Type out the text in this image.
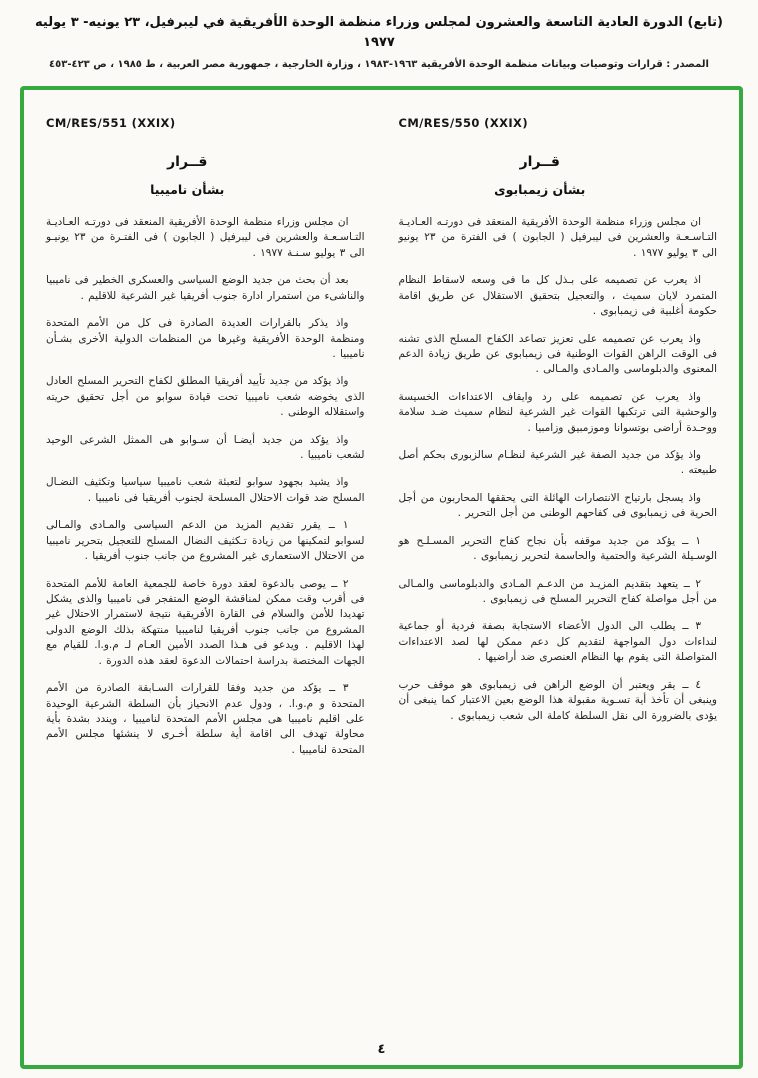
(تابع) الدورة العادية التاسعة والعشرون لمجلس وزراء منظمة الوحدة الأفريقية في ليبرفيل، ٢٣ يونيه- ٣ يوليه ١٩٧٧
المصدر : قرارات وتوصيات وبيانات منظمة الوحدة الأفريقية ١٩٦٣-١٩٨٣ ، وزارة الخارجية ، جمهورية مصر العربية ، ط ١٩٨٥ ، ص ٤٢٣-٤٥٣
CM/RES/550 (XXIX)
قــرار
بشأن زيمبابوى

ان مجلس وزراء منظمة الوحدة الأفريقية المنعقد فى دورتـه العـاديـة التـاسـعـة والعشرين فى ليبرفيل ( الجابون ) فى الفترة من ٢٣ يونيو الى ٣ يوليو ١٩٧٧ .

اذ يعرب عن تصميمه على بـذل كل ما فى وسعه لاسقاط النظام المتمرد لايان سميث ، والتعجيل بتحقيق الاستقلال عن طريق اقامة حكومة أغلبية فى زيمبابوى .

واذ يعرب عن تصميمه على تعزيز تصاعد الكفاح المسلح الذى تشنه فى الوقت الراهن القوات الوطنية فى زيمبابوى عن طريق زيادة الدعم المعنوى والدبلوماسى والمـادى والمـالى .

واذ يعرب عن تصميمه على رد وايقاف الاعتداءات الخسيسة والوحشية التى ترتكبها القوات غير الشرعية لنظام سميث ضـد سلامة ووحـدة أراضى بوتسوانا وموزمبيق وزامبيا .

واذ يؤكد من جديد الصفة غير الشرعية لنظـام سالزبورى بحكم أصل طبيعته .

واذ يسجل بارتياح الانتصارات الهائلة التى يحققها المحاربون من أجل الحرية فى زيمبابوى فى كفاحهم الوطنى من أجل التحرير .

١ ــ يؤكد من جديد موقفه بأن نجاح كفاح التحرير المسـلـح هو الوسـيلة الشرعية والحتمية والحاسمة لتحرير زيمبابوى .

٢ ــ يتعهد بتقديم المزيـد من الدعـم المـادى والدبلوماسى والمـالى من أجل مواصلة كفاح التحرير المسلح فى زيمبابوى .

٣ ــ يطلب الى الدول الأعضاء الاستجابة بصفة فردية أو جماعية لنداءات دول المواجهة لتقديم كل دعم ممكن لها لصد الاعتداءات المتواصلة التى يقوم بها النظام العنصرى ضد أراضيها .

٤ ــ يقر ويعتبر أن الوضع الراهن فى زيمبابوى هو موقف حرب وينبغى أن تأخذ أية تسـوية مقبولة هذا الوضع بعين الاعتبار كما ينبغى أن يؤدى بالضرورة الى نقل السلطة كاملة الى شعب زيمبابوى .

CM/RES/551 (XXIX)
قــرار
بشأن ناميبيا

ان مجلس وزراء منظمة الوحدة الأفريقية المنعقد فى دورتـه العـاديـة التـاسـعـة والعشرين فى ليبرفيل ( الجابون ) فى الفتـرة من ٢٣ يونيـو الى ٣ يوليو سـنـة ١٩٧٧ .

بعد أن بحث من جديد الوضع السياسى والعسكرى الخطير فى ناميبيا والناشىء من استمرار ادارة جنوب أفريقيا غير الشرعية للاقليم .

واذ يذكر بالقرارات العديدة الصادرة فى كل من الأمم المتحدة ومنظمة الوحدة الأفريقية وغيرها من المنظمات الدولية الأخرى بشـأن ناميبيا .

واذ يؤكد من جديد تأييد أفريقيا المطلق لكفاح التحرير المسلح العادل الذى يخوضه شعب ناميبيا تحت قيادة سوابو من أجل تحقيق حريته واستقلاله الوطنى .

واذ يؤكد من جديد أيضـا أن سـوابو هى الممثل الشرعى الوحيد لشعب ناميبيا .

واذ يشيد بجهود سوابو لتعبئة شعب ناميبيا سياسيا وتكثيف النضـال المسلح ضد قوات الاحتلال المسلحة لجنوب أفريقيا فى ناميبيا .

١ ــ يقرر تقديم المزيد من الدعم السياسى والمـادى والمـالى لسوابو لتمكينها من زيادة تـكثيف النضال المسلح للتعجيل بتحرير ناميبيا من الاحتلال الاستعمارى غير المشروع من جانب جنوب أفريقيا .

٢ ــ يوصى بالدعوة لعقد دورة خاصة للجمعية العامة للأمم المتحدة فى أقرب وقت ممكن لمناقشة الوضع المتفجر فى ناميبيا والذى يشكل تهديدا للأمن والسلام فى القارة الأفريقية نتيجة لاستمرار الاحتلال غير المشروع من جانب جنوب أفريقيا لناميبيا منتهكة بذلك الوضع الدولى لهذا الاقليم . ويدعو فى هـذا الصدد الأمين العـام لـ م.و.ا. للقيام مع الجهات المختصة بدراسة احتمالات الدعوة لعقد هذه الدورة .

٣ ــ يؤكد من جديد وفقا للقرارات السـابقة الصادرة من الأمم المتحدة و م.و.ا. ، ودول عدم الانحياز بأن السلطة الشرعية الوحيدة على اقليم ناميبيا هى مجلس الأمم المتحدة لناميبيا ، ويندد بشدة بأية محاولة تهدف الى اقامة أية سلطة أخـرى لا ينشئها مجلس الأمم المتحدة لناميبيا .

٤
